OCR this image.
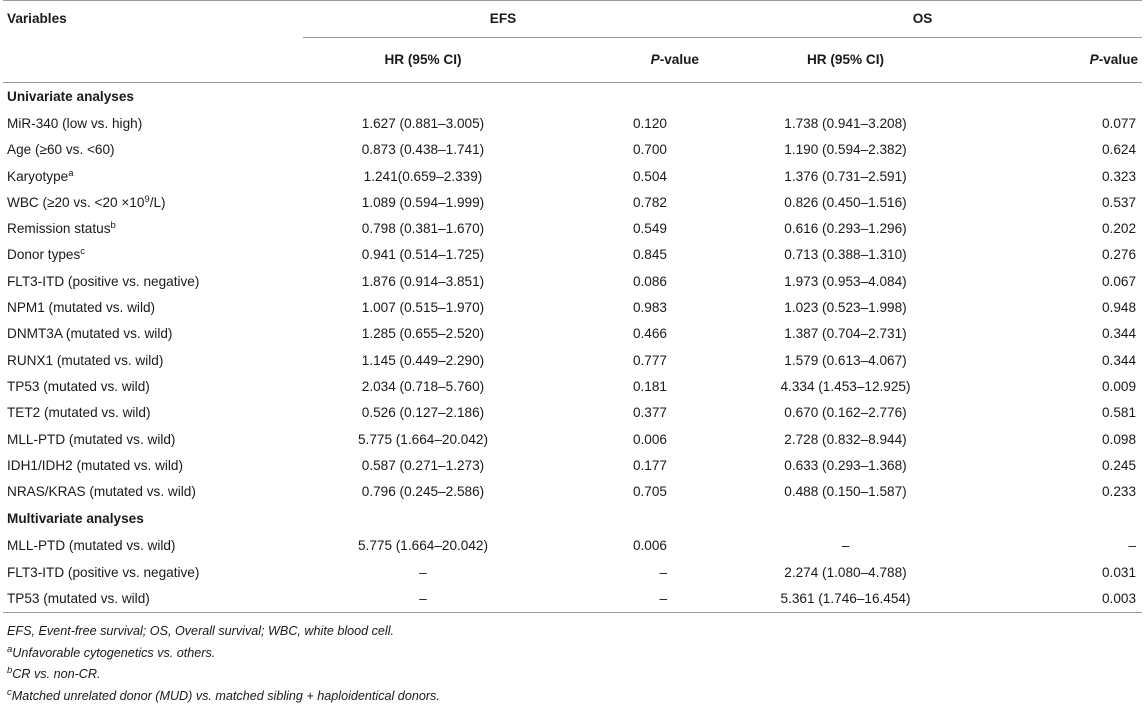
Variables	EFS		OS	
	HR (95% CI)	P-value	HR (95% CI)	P-value
Univariate analyses				
MiR-340 (low vs. high)	1.627 (0.881–3.005)	0.120	1.738 (0.941–3.208)	0.077
Age (≥60 vs. <60)	0.873 (0.438–1.741)	0.700	1.190 (0.594–2.382)	0.624
Karyotype$^a$	1.241(0.659–2.339)	0.504	1.376 (0.731–2.591)	0.323
WBC (≥20 vs. $<20 \times 10^9/L$)	1.089 (0.594–1.999)	0.782	0.826 (0.450–1.516)	0.537
Remission status$^b$	0.798 (0.381–1.670)	0.549	0.616 (0.293–1.296)	0.202
Donor types$^c$	0.941 (0.514–1.725)	0.845	0.713 (0.388–1.310)	0.276
FLT3-ITD (positive vs. negative)	1.876 (0.914–3.851)	0.086	1.973 (0.953–4.084)	0.067
NPM1 (mutated vs. wild)	1.007 (0.515–1.970)	0.983	1.023 (0.523–1.998)	0.948
DNMT3A (mutated vs. wild)	1.285 (0.655–2.520)	0.466	1.387 (0.704–2.731)	0.344
RUNX1 (mutated vs. wild)	1.145 (0.449–2.290)	0.777	1.579 (0.613–4.067)	0.344
TP53 (mutated vs. wild)	2.034 (0.718–5.760)	0.181	4.334 (1.453–12.925)	0.009
TET2 (mutated vs. wild)	0.526 (0.127–2.186)	0.377	0.670 (0.162–2.776)	0.581
MLL-PTD (mutated vs. wild)	5.775 (1.664–20.042)	0.006	2.728 (0.832–8.944)	0.098
IDH1/IDH2 (mutated vs. wild)	0.587 (0.271–1.273)	0.177	0.633 (0.293–1.368)	0.245
NRAS/KRAS (mutated vs. wild)	0.796 (0.245–2.586)	0.705	0.488 (0.150–1.587)	0.233
Multivariate analyses				
MLL-PTD (mutated vs. wild)	5.775 (1.664–20.042)	0.006	–	–
FLT3-ITD (positive vs. negative)	–	–	2.274 (1.080–4.788)	0.031
TP53 (mutated vs. wild)	–	–	5.361 (1.746–16.454)	0.003
EFS, Event-free survival; OS, Overall survival; WBC, white blood cell.
$^a$Unfavorable cytogenetics vs. others.
$^b$CR vs. non-CR.
$^c$Matched unrelated donor (MUD) vs. matched sibling + haploidentical donors.
